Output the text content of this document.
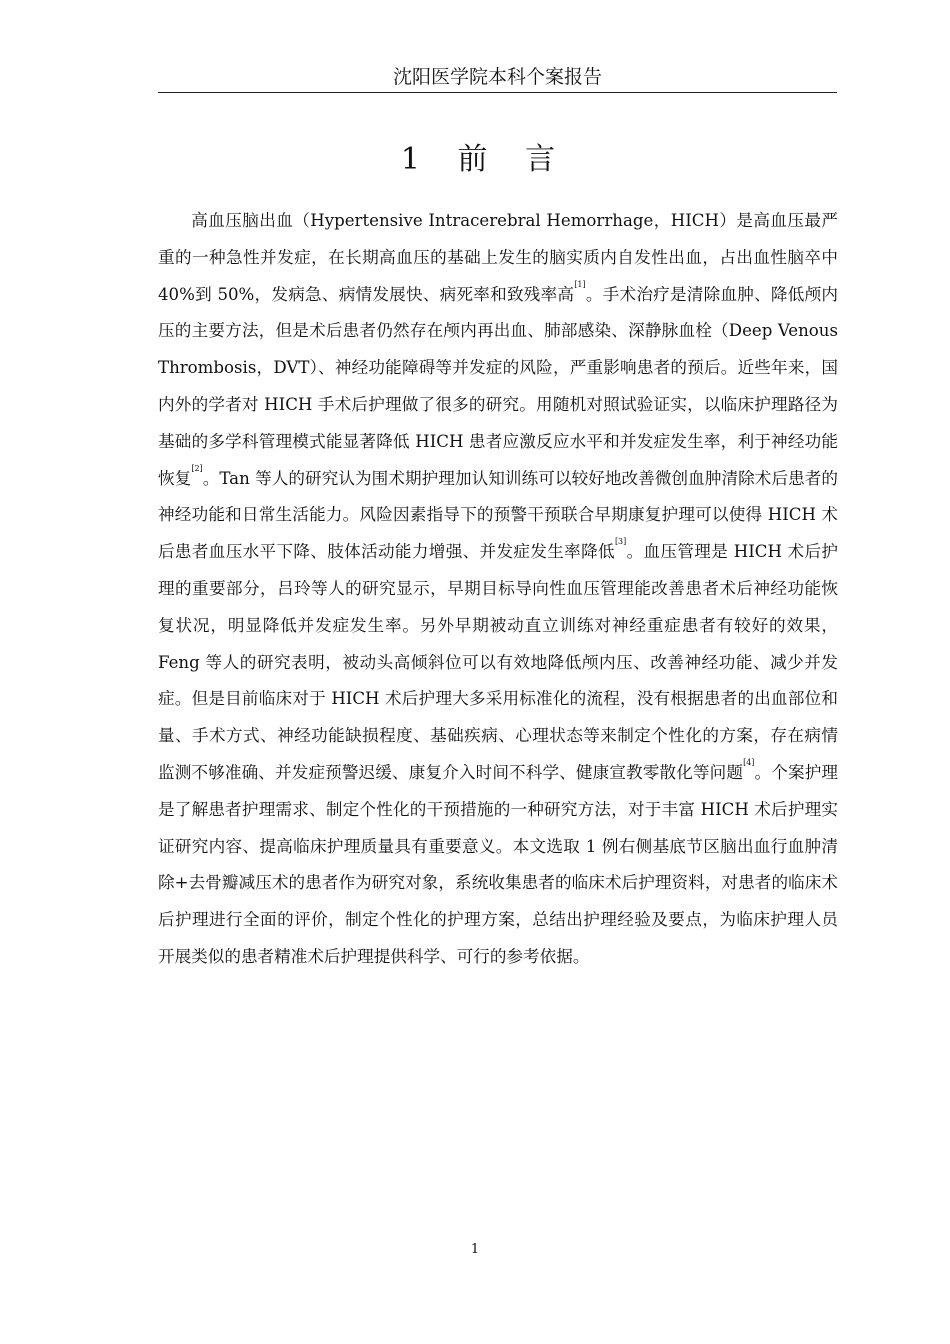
沈阳医学院本科个案报告
1 前 言

高血压脑出血（Hypertensive Intracerebral Hemorrhage，HICH）是高血压最严重的一种急性并发症，在长期高血压的基础上发生的脑实质内自发性出血，占出血性脑卒中 40%到 50%，发病急、病情发展快、病死率和致残率高[1]。手术治疗是清除血肿、降低颅内压的主要方法，但是术后患者仍然存在颅内再出血、肺部感染、深静脉血栓（Deep Venous Thrombosis，DVT）、神经功能障碍等并发症的风险，严重影响患者的预后。近些年来，国内外的学者对 HICH 手术后护理做了很多的研究。用随机对照试验证实，以临床护理路径为基础的多学科管理模式能显著降低 HICH 患者应激反应水平和并发症发生率，利于神经功能恢复[2]。Tan 等人的研究认为围术期护理加认知训练可以较好地改善微创血肿清除术后患者的神经功能和日常生活能力。风险因素指导下的预警干预联合早期康复护理可以使得 HICH 术后患者血压水平下降、肢体活动能力增强、并发症发生率降低[3]。血压管理是 HICH 术后护理的重要部分，吕玲等人的研究显示，早期目标导向性血压管理能改善患者术后神经功能恢复状况，明显降低并发症发生率。另外早期被动直立训练对神经重症患者有较好的效果，Feng 等人的研究表明，被动头高倾斜位可以有效地降低颅内压、改善神经功能、减少并发症。但是目前临床对于 HICH 术后护理大多采用标准化的流程，没有根据患者的出血部位和量、手术方式、神经功能缺损程度、基础疾病、心理状态等来制定个性化的方案，存在病情监测不够准确、并发症预警迟缓、康复介入时间不科学、健康宣教零散化等问题[4]。个案护理是了解患者护理需求、制定个性化的干预措施的一种研究方法，对于丰富 HICH 术后护理实证研究内容、提高临床护理质量具有重要意义。本文选取 1 例右侧基底节区脑出血行血肿清除+去骨瓣减压术的患者作为研究对象，系统收集患者的临床术后护理资料，对患者的临床术后护理进行全面的评价，制定个性化的护理方案，总结出护理经验及要点，为临床护理人员开展类似的患者精准术后护理提供科学、可行的参考依据。

1
